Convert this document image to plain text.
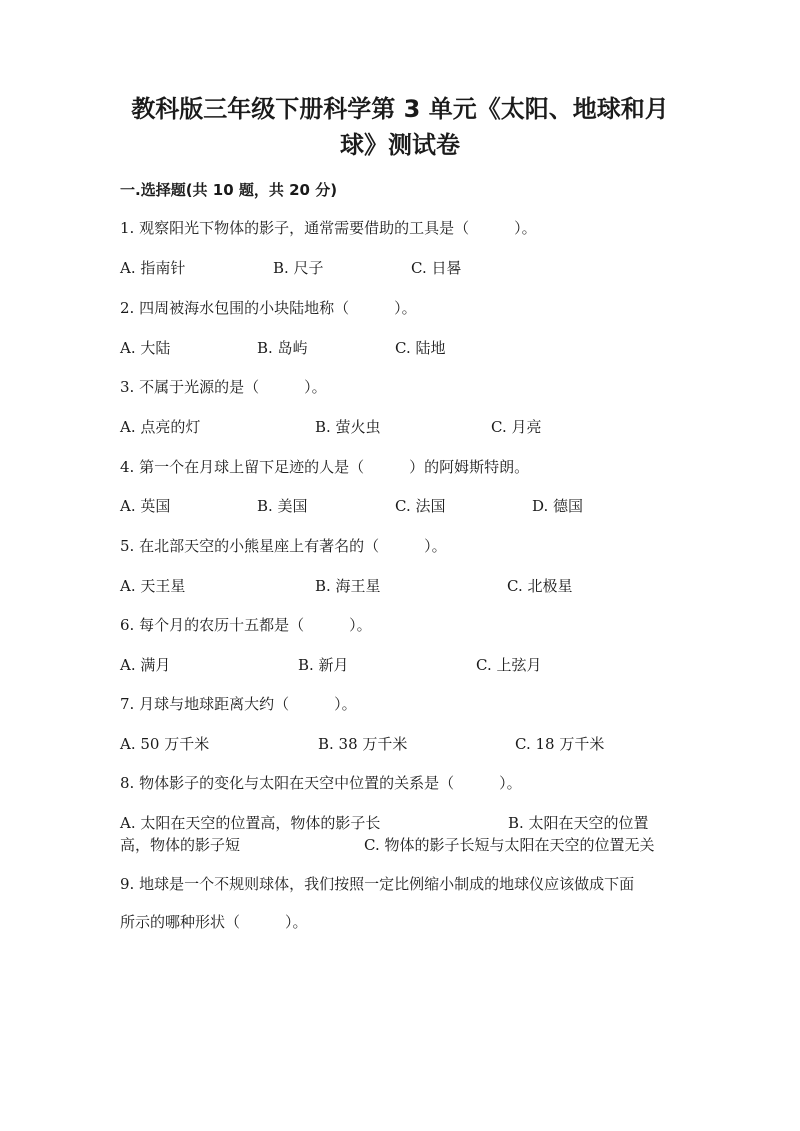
教科版三年级下册科学第 3 单元《太阳、地球和月
球》测试卷
一.选择题(共 10 题，共 20 分)
1. 观察阳光下物体的影子，通常需要借助的工具是（　　　）。
A. 指南针	B. 尺子	C. 日晷
2. 四周被海水包围的小块陆地称（　　　）。
A. 大陆	B. 岛屿	C. 陆地
3. 不属于光源的是（　　　）。
A. 点亮的灯	B. 萤火虫	C. 月亮
4. 第一个在月球上留下足迹的人是（　　　）的阿姆斯特朗。
A. 英国	B. 美国	C. 法国	D. 德国
5. 在北部天空的小熊星座上有著名的（　　　）。
A. 天王星	B. 海王星	C. 北极星
6. 每个月的农历十五都是（　　　）。
A. 满月	B. 新月	C. 上弦月
7. 月球与地球距离大约（　　　）。
A. 50 万千米	B. 38 万千米	C. 18 万千米
8. 物体影子的变化与太阳在天空中位置的关系是（　　　）。
A. 太阳在天空的位置高，物体的影子长	B. 太阳在天空的位置
高，物体的影子短	C. 物体的影子长短与太阳在天空的位置无关
9. 地球是一个不规则球体，我们按照一定比例缩小制成的地球仪应该做成下面
所示的哪种形状（　　　）。
